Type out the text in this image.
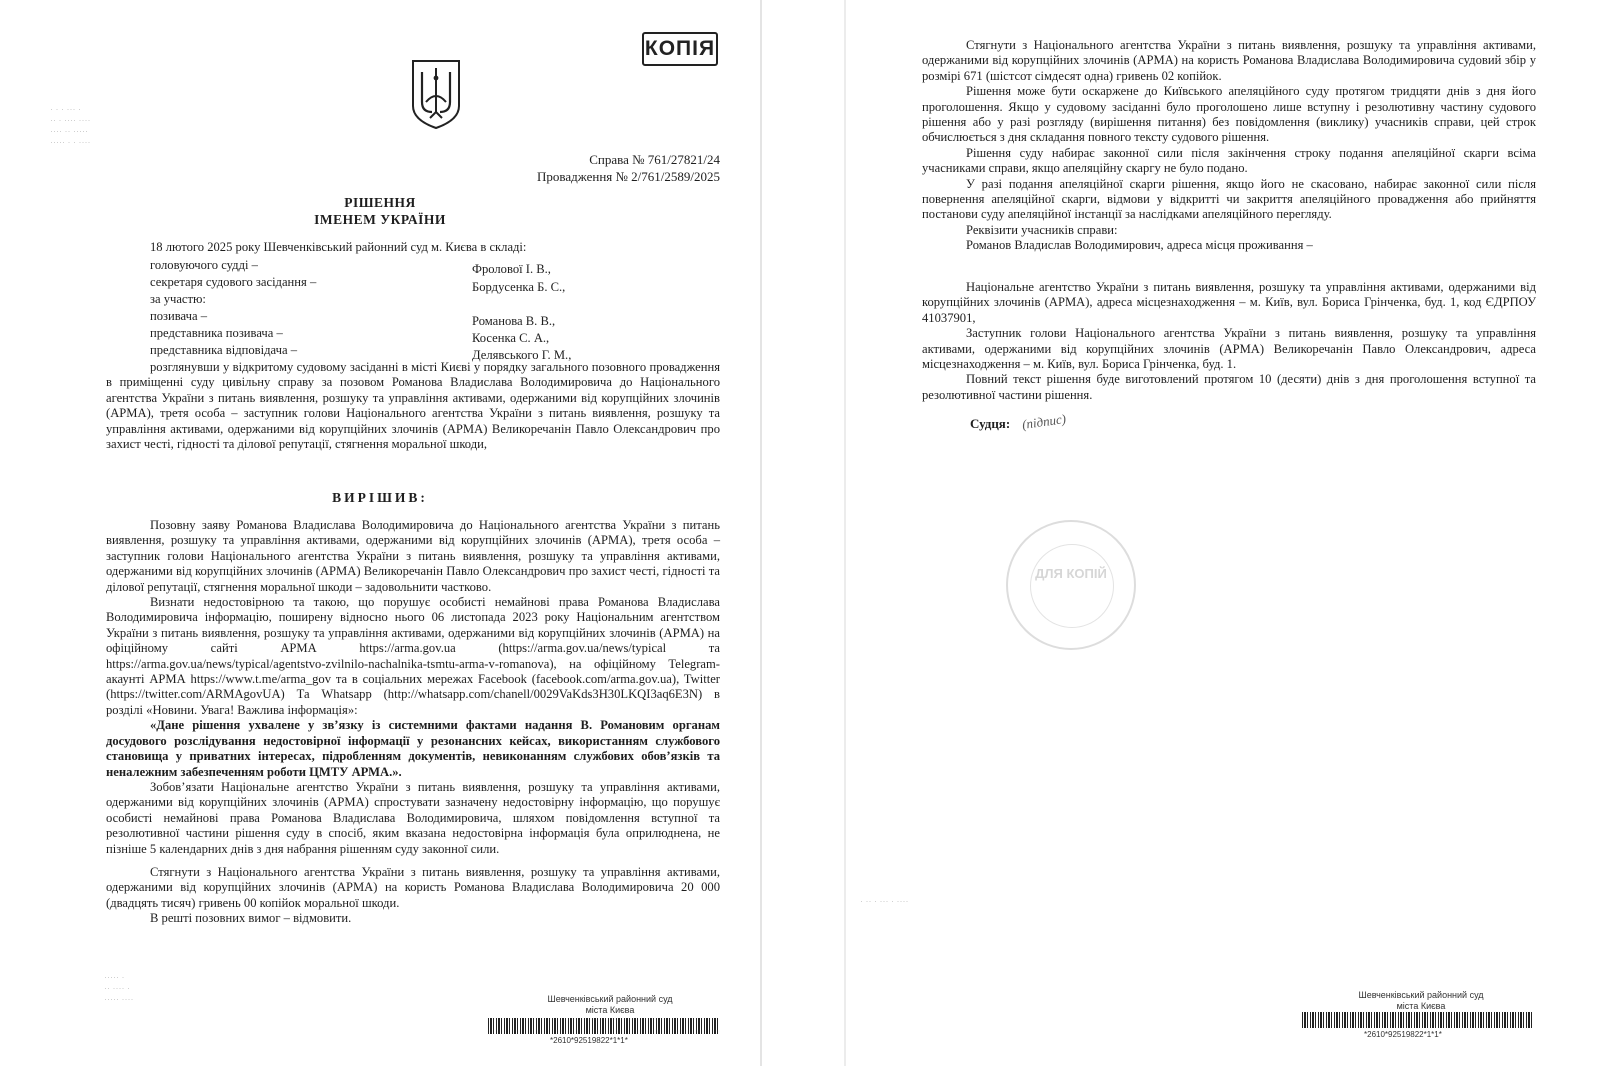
КОПІЯ
· · · ··· ·
·· · ···· ····
···· ·· ·····
····· · · ····
Справа № 761/27821/24
Провадження № 2/761/2589/2025
РІШЕННЯ
ІМЕНЕМ УКРАЇНИ
18 лютого 2025 року Шевченківський районний суд м. Києва в складі:
головуючого судді –	Фролової І. В.,
секретаря судового засідання –	Бордусенка Б. С.,
за участю:
позивача –	Романова В. В.,
представника позивача –	Косенка С. А.,
представника відповідача –	Делявського Г. М.,

розглянувши у відкритому судовому засіданні в місті Києві у порядку загального позовного провадження в приміщенні суду цивільну справу за позовом Романова Владислава Володимировича до Національного агентства України з питань виявлення, розшуку та управління активами, одержаними від корупційних злочинів (АРМА), третя особа – заступник голови Національного агентства України з питань виявлення, розшуку та управління активами, одержаними від корупційних злочинів (АРМА) Великоречанін Павло Олександрович про захист честі, гідності та ділової репутації, стягнення моральної шкоди,

ВИРІШИВ:

Позовну заяву Романова Владислава Володимировича до Національного агентства України з питань виявлення, розшуку та управління активами, одержаними від корупційних злочинів (АРМА), третя особа – заступник голови Національного агентства України з питань виявлення, розшуку та управління активами, одержаними від корупційних злочинів (АРМА) Великоречанін Павло Олександрович про захист честі, гідності та ділової репутації, стягнення моральної шкоди – задовольнити частково.

Визнати недостовірною та такою, що порушує особисті немайнові права Романова Владислава Володимировича інформацію, поширену відносно нього 06 листопада 2023 року Національним агентством України з питань виявлення, розшуку та управління активами, одержаними від корупційних злочинів (АРМА) на офіційному сайті АРМА https://arma.gov.ua (https://arma.gov.ua/news/typical та https://arma.gov.ua/news/typical/agentstvo-zvilnilo-nachalnika-tsmtu-arma-v-romanova), на офіційному Telegram-акаунті АРМА https://www.t.me/arma_gov та в соціальних мережах Facebook (facebook.com/arma.gov.ua), Twitter (https://twitter.com/ARMAgovUA) Та Whatsapp (http://whatsapp.com/chanell/0029VaKds3H30LKQI3aq6E3N) в розділі «Новини. Увага! Важлива інформація»:

«Дане рішення ухвалене у зв’язку із системними фактами надання В. Романовим органам досудового розслідування недостовірної інформації у резонансних кейсах, використанням службового становища у приватних інтересах, підробленням документів, невиконанням службових обов’язків та неналежним забезпеченням роботи ЦМТУ АРМА.».

Зобов’язати Національне агентство України з питань виявлення, розшуку та управління активами, одержаними від корупційних злочинів (АРМА) спростувати зазначену недостовірну інформацію, що порушує особисті немайнові права Романова Владислава Володимировича, шляхом повідомлення вступної та резолютивної частини рішення суду в спосіб, яким вказана недостовірна інформація була оприлюднена, не пізніше 5 календарних днів з дня набрання рішенням суду законної сили.

Стягнути з Національного агентства України з питань виявлення, розшуку та управління активами, одержаними від корупційних злочинів (АРМА) на користь Романова Владислава Володимировича 20 000 (двадцять тисяч) гривень 00 копійок моральної шкоди.

В решті позовних вимог – відмовити.

····· ·
·· ···· ·
····· ····	Шевченківський районний суд
міста Києва
*2610*92519822*1*1*

Стягнути з Національного агентства України з питань виявлення, розшуку та управління активами, одержаними від корупційних злочинів (АРМА) на користь Романова Владислава Володимировича судовий збір у розмірі 671 (шістсот сімдесят одна) гривень 02 копійок.

Рішення може бути оскаржене до Київського апеляційного суду протягом тридцяти днів з дня його проголошення. Якщо у судовому засіданні було проголошено лише вступну і резолютивну частину судового рішення або у разі розгляду (вирішення питання) без повідомлення (виклику) учасників справи, цей строк обчислюється з дня складання повного тексту судового рішення.

Рішення суду набирає законної сили після закінчення строку подання апеляційної скарги всіма учасниками справи, якщо апеляційну скаргу не було подано.

У разі подання апеляційної скарги рішення, якщо його не скасовано, набирає законної сили після повернення апеляційної скарги, відмови у відкритті чи закриття апеляційного провадження або прийняття постанови суду апеляційної інстанції за наслідками апеляційного перегляду.

Реквізити учасників справи:

Романов Владислав Володимирович, адреса місця проживання –

Національне агентство України з питань виявлення, розшуку та управління активами, одержаними від корупційних злочинів (АРМА), адреса місцезнаходження – м. Київ, вул. Бориса Грінченка, буд. 1, код ЄДРПОУ 41037901,

Заступник голови Національного агентства України з питань виявлення, розшуку та управління активами, одержаними від корупційних злочинів (АРМА) Великоречанін Павло Олександрович, адреса місцезнаходження – м. Київ, вул. Бориса Грінченка, буд. 1.

Повний текст рішення буде виготовлений протягом 10 (десяти) днів з дня проголошення вступної та резолютивної частини рішення.

Судця: (підпис)
ДЛЯ КОПІЙ
· ·· · ··· · ····
Шевченківський районний суд
міста Києва
*2610*92519822*1*1*
